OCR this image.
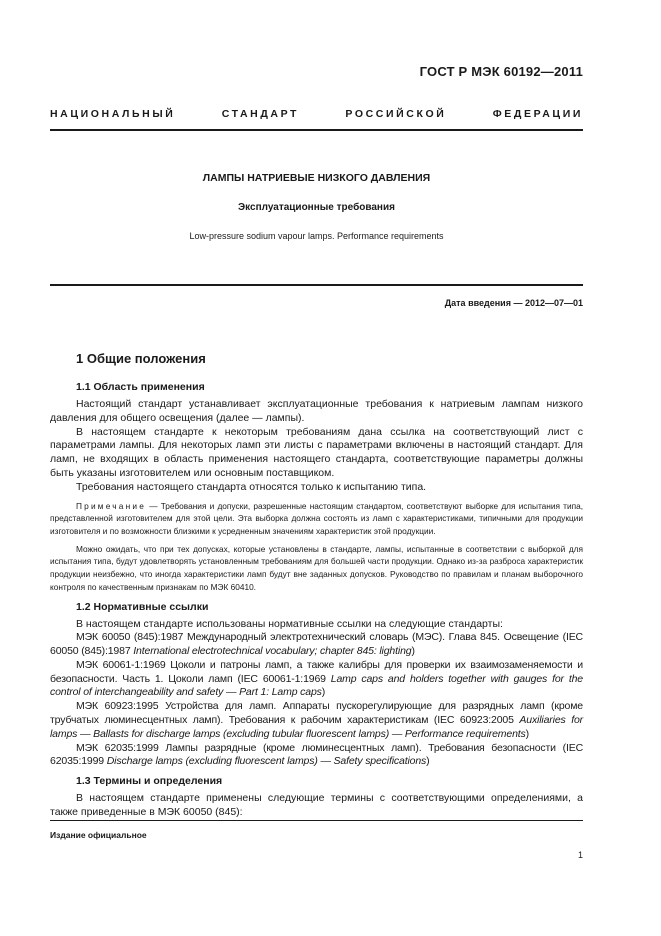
ГОСТ Р МЭК 60192—2011
НАЦИОНАЛЬНЫЙ СТАНДАРТ РОССИЙСКОЙ ФЕДЕРАЦИИ
ЛАМПЫ НАТРИЕВЫЕ НИЗКОГО ДАВЛЕНИЯ
Эксплуатационные требования
Low-pressure sodium vapour lamps. Performance requirements
Дата введения — 2012—07—01
1 Общие положения
1.1 Область применения

Настоящий стандарт устанавливает эксплуатационные требования к натриевым лампам низкого давления для общего освещения (далее — лампы).

В настоящем стандарте к некоторым требованиям дана ссылка на соответствующий лист с параметрами лампы. Для некоторых ламп эти листы с параметрами включены в настоящий стандарт. Для ламп, не входящих в область применения настоящего стандарта, соответствующие параметры должны быть указаны изготовителем или основным поставщиком.

Требования настоящего стандарта относятся только к испытанию типа.

Примечание — Требования и допуски, разрешенные настоящим стандартом, соответствуют выборке для испытания типа, представленной изготовителем для этой цели. Эта выборка должна состоять из ламп с характеристиками, типичными для продукции изготовителя и по возможности близкими к усредненным значениям характеристик этой продукции.

Можно ожидать, что при тех допусках, которые установлены в стандарте, лампы, испытанные в соответствии с выборкой для испытания типа, будут удовлетворять установленным требованиям для большей части продукции. Однако из-за разброса характеристик продукции неизбежно, что иногда характеристики ламп будут вне заданных допусков. Руководство по правилам и планам выборочного контроля по качественным признакам по МЭК 60410.

1.2 Нормативные ссылки

В настоящем стандарте использованы нормативные ссылки на следующие стандарты:

МЭК 60050 (845):1987 Международный электротехнический словарь (МЭС). Глава 845. Освещение (IEC 60050 (845):1987 International electrotechnical vocabulary; chapter 845: lighting)

МЭК 60061-1:1969 Цоколи и патроны ламп, а также калибры для проверки их взаимозаменяемости и безопасности. Часть 1. Цоколи ламп (IEC 60061-1:1969 Lamp caps and holders together with gauges for the control of interchangeability and safety — Part 1: Lamp caps)

МЭК 60923:1995 Устройства для ламп. Аппараты пускорегулирующие для разрядных ламп (кроме трубчатых люминесцентных ламп). Требования к рабочим характеристикам (IEC 60923:2005 Auxiliaries for lamps — Ballasts for discharge lamps (excluding tubular fluorescent lamps) — Performance requirements)

МЭК 62035:1999 Лампы разрядные (кроме люминесцентных ламп). Требования безопасности (IEC 62035:1999 Discharge lamps (excluding fluorescent lamps) — Safety specifications)

1.3 Термины и определения

В настоящем стандарте применены следующие термины с соответствующими определениями, а также приведенные в МЭК 60050 (845):

Издание официальное
1
